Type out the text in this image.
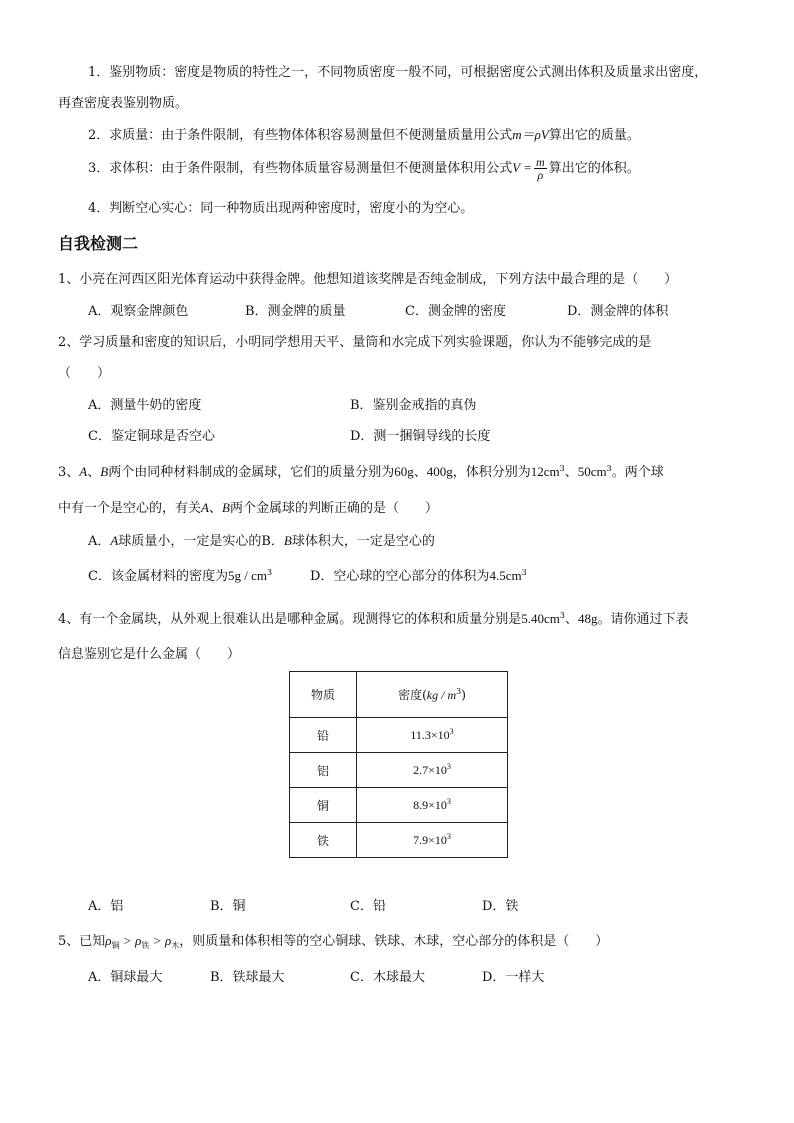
1．鉴别物质：密度是物质的特性之一，不同物质密度一般不同，可根据密度公式测出体积及质量求出密度，
再查密度表鉴别物质。
2．求质量：由于条件限制，有些物体体积容易测量但不便测量质量用公式m＝ρV算出它的质量。
3．求体积：由于条件限制，有些物体质量容易测量但不便测量体积用公式$V = \frac{m}{\rho}$ 算出它的体积。
4．判断空心实心：同一种物质出现两种密度时，密度小的为空心。
自我检测二
1、小亮在河西区阳光体育运动中获得金牌。他想知道该奖牌是否纯金制成，下列方法中最合理的是（　　）
A．观察金牌颜色	B．测金牌的质量	C．测金牌的密度	D．测金牌的体积
2、学习质量和密度的知识后，小明同学想用天平、量筒和水完成下列实验课题，你认为不能够完成的是
（　　）
A．测量牛奶的密度	B．鉴别金戒指的真伪
C．鉴定铜球是否空心	D．测一捆铜导线的长度
3、A、B两个由同种材料制成的金属球，它们的质量分别为60g、400g，体积分别为$12cm^3$、$50cm^3$。两个球
中有一个是空心的，有关A、B两个金属球的判断正确的是（　　）
A．A球质量小，一定是实心的B．B球体积大，一定是空心的
C．该金属材料的密度为$5g / cm^3$	D．空心球的空心部分的体积为$4.5cm^3$
4、有一个金属块，从外观上很难认出是哪种金属。现测得它的体积和质量分别是$5.40cm^3$、48g。请你通过下表
信息鉴别它是什么金属（　　）
物质	密度$(kg / m^3)$
铅	$11.3\times 10^3$
铝	$2.7\times 10^3$
铜	$8.9\times 10^3$
铁	$7.9\times 10^3$
A．铝	B．铜	C．铅	D．铁
5、已知$\rho_铜 > \rho_铁 > \rho_木$，则质量和体积相等的空心铜球、铁球、木球，空心部分的体积是（　　）
A．铜球最大	B．铁球最大	C．木球最大	D．一样大
